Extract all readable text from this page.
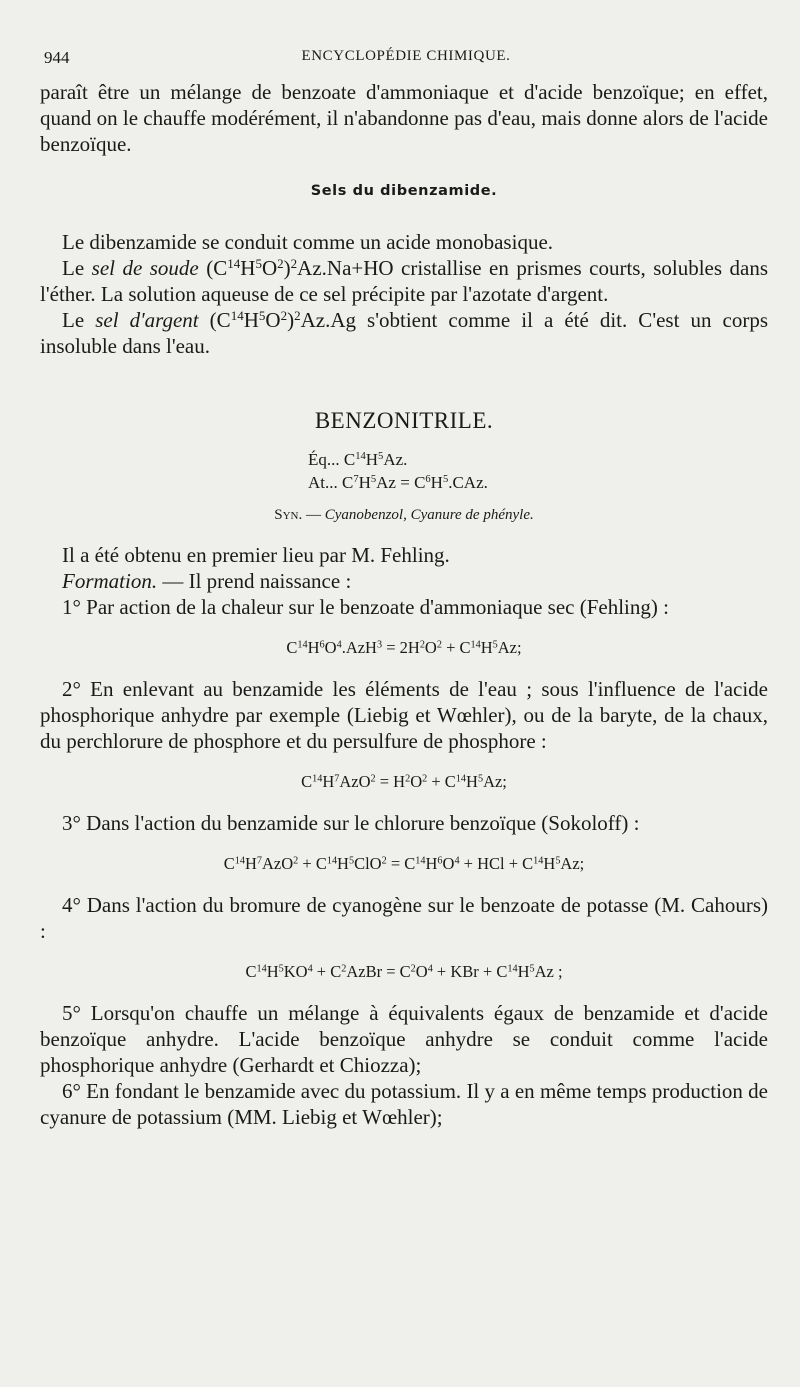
944	ENCYCLOPÉDIE CHIMIQUE.

paraît être un mélange de benzoate d'ammoniaque et d'acide benzoïque; en effet, quand on le chauffe modérément, il n'abandonne pas d'eau, mais donne alors de l'acide benzoïque.

Sels du dibenzamide.

Le dibenzamide se conduit comme un acide monobasique.

Le sel de soude $(C^{14}H^5O^2)^2Az.Na+HO$ cristallise en prismes courts, solubles dans l'éther. La solution aqueuse de ce sel précipite par l'azotate d'argent.

Le sel d'argent $(C^{14}H^5O^2)^2Az.Ag$ s'obtient comme il a été dit. C'est un corps insoluble dans l'eau.

BENZONITRILE.
Éq... $C^{14}H^5Az$.
At... $C^7H^5Az = C^6H^5.CAz$.
Syn. — Cyanobenzol, Cyanure de phényle.

Il a été obtenu en premier lieu par M. Fehling.

Formation. — Il prend naissance :

1° Par action de la chaleur sur le benzoate d'ammoniaque sec (Fehling) :

$C^{14}H^6O^4.AzH^3 = 2H^2O^2 + C^{14}H^5Az$;

2° En enlevant au benzamide les éléments de l'eau ; sous l'influence de l'acide phosphorique anhydre par exemple (Liebig et Wœhler), ou de la baryte, de la chaux, du perchlorure de phosphore et du persulfure de phosphore :

$C^{14}H^7AzO^2 = H^2O^2 + C^{14}H^5Az$;

3° Dans l'action du benzamide sur le chlorure benzoïque (Sokoloff) :

$C^{14}H^7AzO^2 + C^{14}H^5ClO^2 = C^{14}H^6O^4$ + HCl + $C^{14}H^5Az$;

4° Dans l'action du bromure de cyanogène sur le benzoate de potasse (M. Cahours) :

$C^{14}H^5KO^4$ + $C^2AzBr = C^2O^4$ + KBr + $C^{14}H^5Az$ ;

5° Lorsqu'on chauffe un mélange à équivalents égaux de benzamide et d'acide benzoïque anhydre. L'acide benzoïque anhydre se conduit comme l'acide phosphorique anhydre (Gerhardt et Chiozza);

6° En fondant le benzamide avec du potassium. Il y a en même temps production de cyanure de potassium (MM. Liebig et Wœhler);
